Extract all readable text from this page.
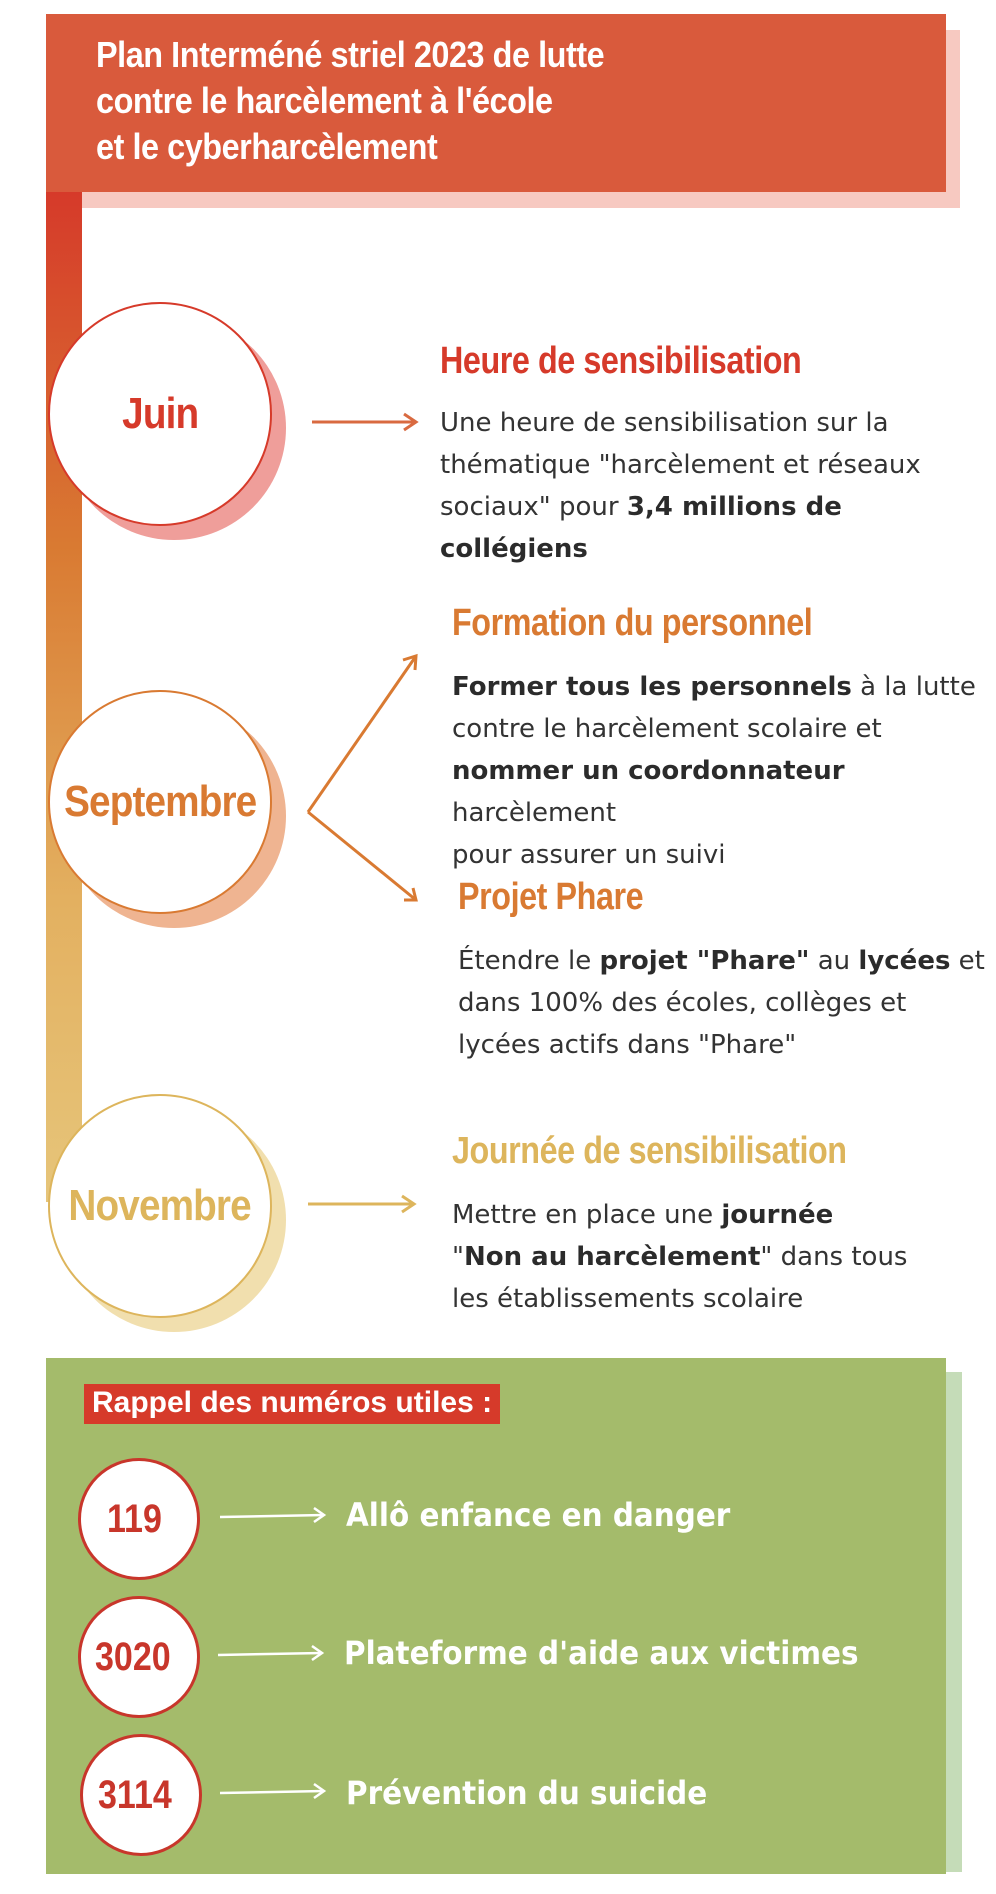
Plan Interméné striel 2023 de lutte
contre le harcèlement à l'école
et le cyberharcèlement
Juin
Heure de sensibilisation
Une heure de sensibilisation sur la
thématique "harcèlement et réseaux
sociaux" pour 3,4 millions de collégiens
Septembre
Formation du personnel
Former tous les personnels à la lutte
contre le harcèlement scolaire et
nommer un coordonnateur harcèlement
pour assurer un suivi
Projet Phare
Étendre le projet "Phare" au lycées et
dans 100% des écoles, collèges et
lycées actifs dans "Phare"
Novembre
Journée de sensibilisation
Mettre en place une journée
"Non au harcèlement" dans tous
les établissements scolaire
Rappel des numéros utiles :
119	Allô enfance en danger
3020	Plateforme d'aide aux victimes
3114	Prévention du suicide
